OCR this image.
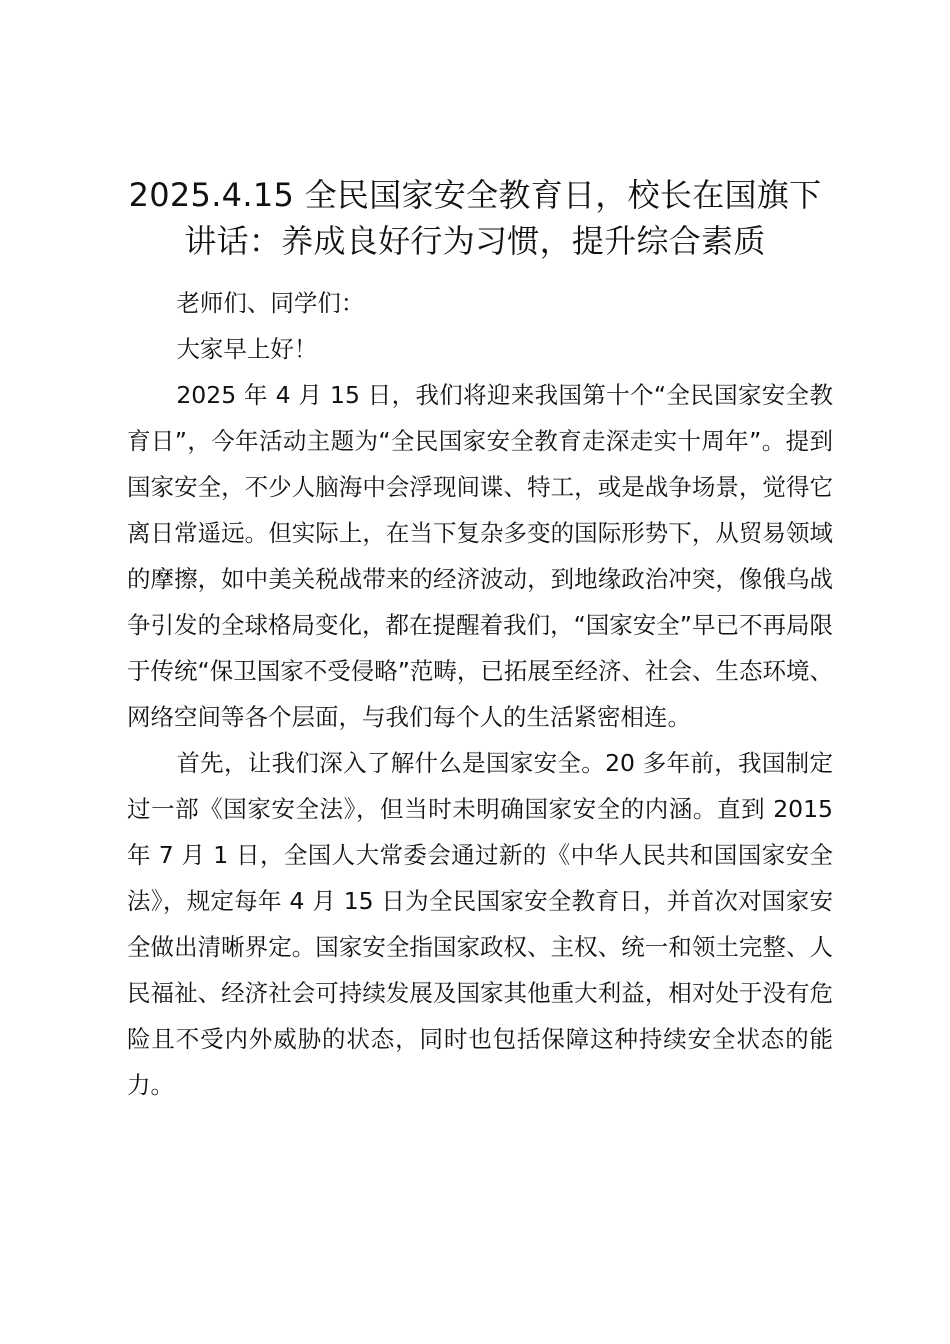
2025.4.15 全民国家安全教育日，校长在国旗下讲话：养成良好行为习惯，提升综合素质

老师们、同学们：

大家早上好！

2025 年 4 月 15 日，我们将迎来我国第十个“全民国家安全教育日”，今年活动主题为“全民国家安全教育走深走实十周年”。提到国家安全，不少人脑海中会浮现间谍、特工，或是战争场景，觉得它离日常遥远。但实际上，在当下复杂多变的国际形势下，从贸易领域的摩擦，如中美关税战带来的经济波动，到地缘政治冲突，像俄乌战争引发的全球格局变化，都在提醒着我们，“国家安全”早已不再局限于传统“保卫国家不受侵略”范畴，已拓展至经济、社会、生态环境、网络空间等各个层面，与我们每个人的生活紧密相连。

首先，让我们深入了解什么是国家安全。20 多年前，我国制定过一部《国家安全法》，但当时未明确国家安全的内涵。直到 2015 年 7 月 1 日，全国人大常委会通过新的《中华人民共和国国家安全法》，规定每年 4 月 15 日为全民国家安全教育日，并首次对国家安全做出清晰界定。国家安全指国家政权、主权、统一和领土完整、人民福祉、经济社会可持续发展及国家其他重大利益，相对处于没有危险且不受内外威胁的状态，同时也包括保障这种持续安全状态的能力。
